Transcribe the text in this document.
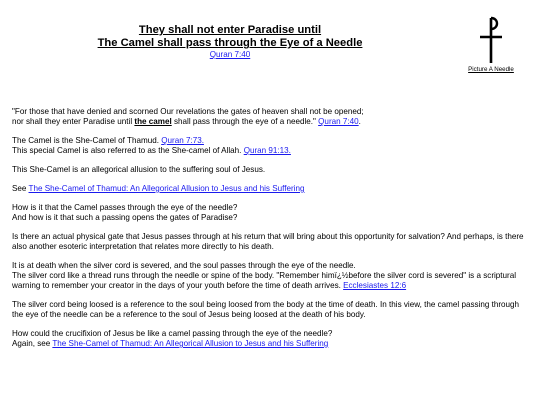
They shall not enter Paradise until
The Camel shall pass through the Eye of a Needle
Quran 7:40
Picture A Needle

"For those that have denied and scorned Our revelations the gates of heaven shall not be opened;
nor shall they enter Paradise until the camel shall pass through the eye of a needle." Quran 7:40.

The Camel is the She-Camel of Thamud. Quran 7:73.
This special Camel is also referred to as the She-camel of Allah. Quran 91:13.

This She-Camel is an allegorical allusion to the suffering soul of Jesus.

See The She-Camel of Thamud: An Allegorical Allusion to Jesus and his Suffering

How is it that the Camel passes through the eye of the needle?
And how is it that such a passing opens the gates of Paradise?

Is there an actual physical gate that Jesus passes through at his return that will bring about this opportunity for salvation? And perhaps, is there also another esoteric interpretation that relates more directly to his death.

It is at death when the silver cord is severed, and the soul passes through the eye of the needle.
The silver cord like a thread runs through the needle or spine of the body. "Remember himï¿½before the silver cord is severed" is a scriptural warning to remember your creator in the days of your youth before the time of death arrives. Ecclesiastes 12:6

The silver cord being loosed is a reference to the soul being loosed from the body at the time of death. In this view, the camel passing through the eye of the needle can be a reference to the soul of Jesus being loosed at the death of his body.

How could the crucifixion of Jesus be like a camel passing through the eye of the needle?
Again, see The She-Camel of Thamud: An Allegorical Allusion to Jesus and his Suffering
